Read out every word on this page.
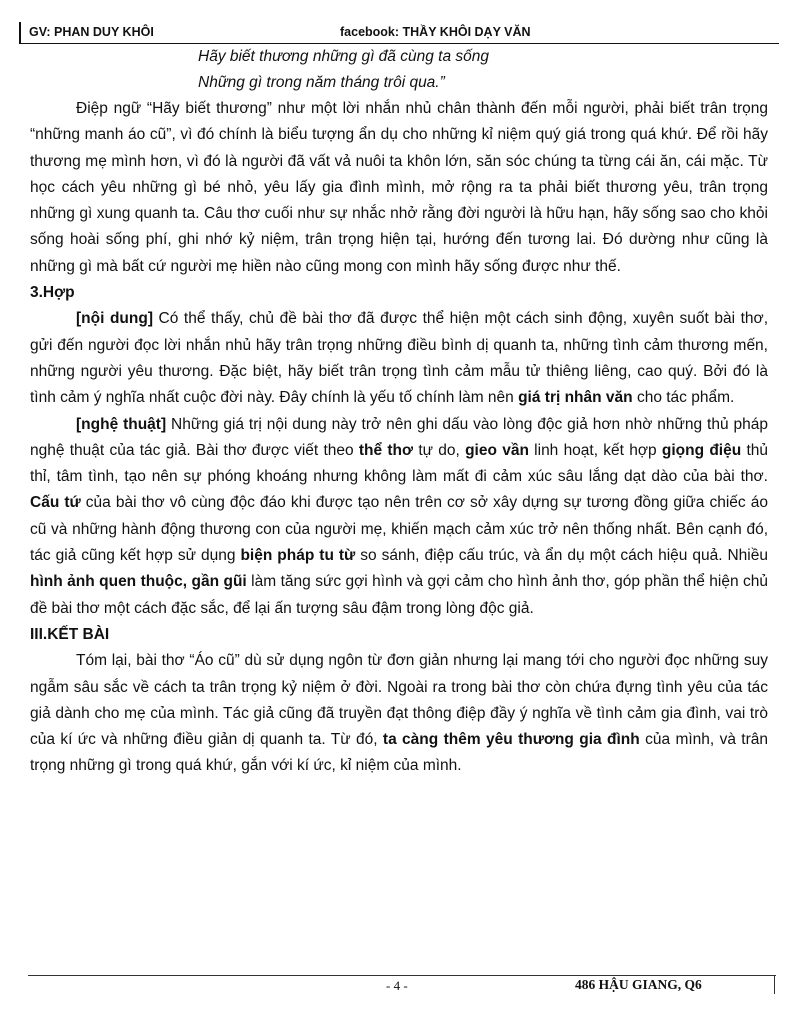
GV: PHAN DUY KHÔI	facebook: THẦY KHÔI DẠY VĂN
Hãy biết thương những gì đã cùng ta sống
Những gì trong năm tháng trôi qua.”

Điệp ngữ “Hãy biết thương” như một lời nhắn nhủ chân thành đến mỗi người, phải biết trân trọng “những manh áo cũ”, vì đó chính là biểu tượng ẩn dụ cho những kỉ niệm quý giá trong quá khứ. Để rồi hãy thương mẹ mình hơn, vì đó là người đã vất vả nuôi ta khôn lớn, săn sóc chúng ta từng cái ăn, cái mặc. Từ học cách yêu những gì bé nhỏ, yêu lấy gia đình mình, mở rộng ra ta phải biết thương yêu, trân trọng những gì xung quanh ta. Câu thơ cuối như sự nhắc nhở rằng đời người là hữu hạn, hãy sống sao cho khỏi sống hoài sống phí, ghi nhớ kỷ niệm, trân trọng hiện tại, hướng đến tương lai. Đó dường như cũng là những gì mà bất cứ người mẹ hiền nào cũng mong con mình hãy sống được như thế.

3.Hợp

[nội dung] Có thể thấy, chủ đề bài thơ đã được thể hiện một cách sinh động, xuyên suốt bài thơ, gửi đến người đọc lời nhắn nhủ hãy trân trọng những điều bình dị quanh ta, những tình cảm thương mến, những người yêu thương. Đặc biệt, hãy biết trân trọng tình cảm mẫu tử thiêng liêng, cao quý. Bởi đó là tình cảm ý nghĩa nhất cuộc đời này. Đây chính là yếu tố chính làm nên giá trị nhân văn cho tác phẩm.

[nghệ thuật] Những giá trị nội dung này trở nên ghi dấu vào lòng độc giả hơn nhờ những thủ pháp nghệ thuật của tác giả. Bài thơ được viết theo thể thơ tự do, gieo vần linh hoạt, kết hợp giọng điệu thủ thỉ, tâm tình, tạo nên sự phóng khoáng nhưng không làm mất đi cảm xúc sâu lắng dạt dào của bài thơ. Cấu tứ của bài thơ vô cùng độc đáo khi được tạo nên trên cơ sở xây dựng sự tương đồng giữa chiếc áo cũ và những hành động thương con của người mẹ, khiến mạch cảm xúc trở nên thống nhất. Bên cạnh đó, tác giả cũng kết hợp sử dụng biện pháp tu từ so sánh, điệp cấu trúc, và ẩn dụ một cách hiệu quả. Nhiều hình ảnh quen thuộc, gần gũi làm tăng sức gợi hình và gợi cảm cho hình ảnh thơ, góp phần thể hiện chủ đề bài thơ một cách đặc sắc, để lại ấn tượng sâu đậm trong lòng độc giả.

III.KẾT BÀI

Tóm lại, bài thơ “Áo cũ” dù sử dụng ngôn từ đơn giản nhưng lại mang tới cho người đọc những suy ngẫm sâu sắc về cách ta trân trọng kỷ niệm ở đời. Ngoài ra trong bài thơ còn chứa đựng tình yêu của tác giả dành cho mẹ của mình. Tác giả cũng đã truyền đạt thông điệp đầy ý nghĩa về tình cảm gia đình, vai trò của kí ức và những điều giản dị quanh ta. Từ đó, ta càng thêm yêu thương gia đình của mình, và trân trọng những gì trong quá khứ, gắn với kí ức, kỉ niệm của mình.

- 4 -	486 HẬU GIANG, Q6
